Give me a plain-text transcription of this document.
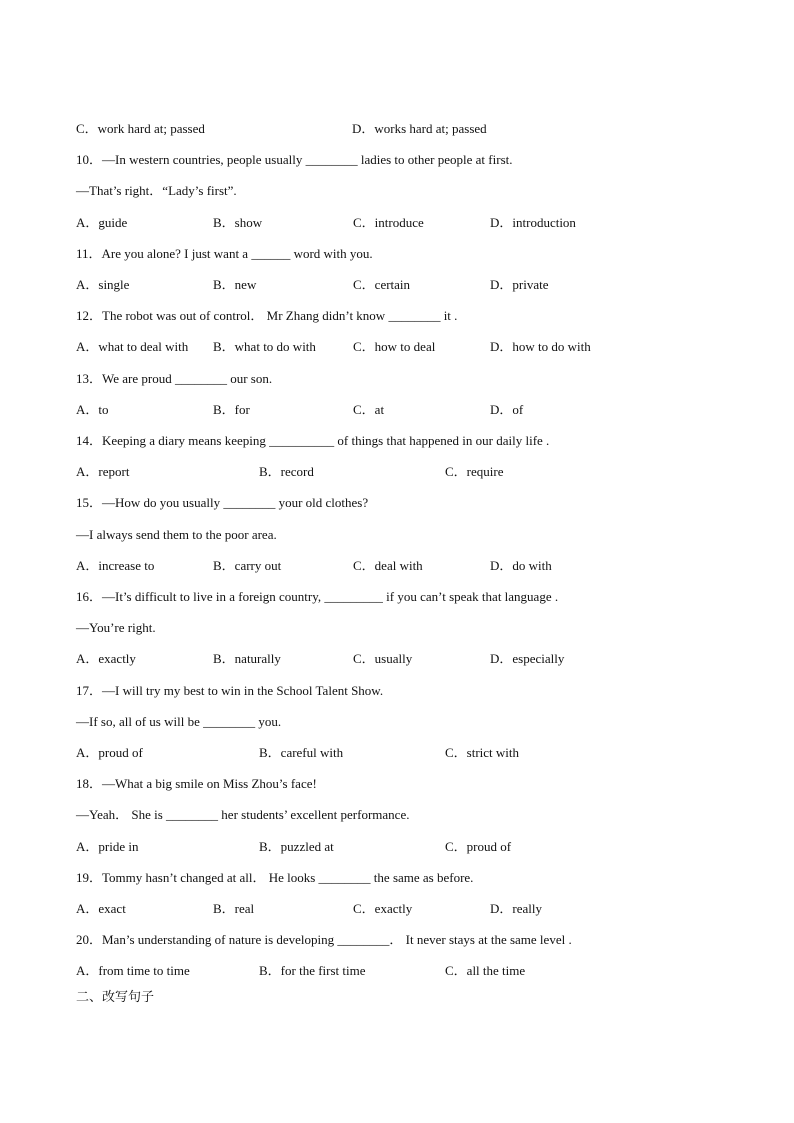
C．work hard at; passed	D．works hard at; passed
10．—In western countries, people usually ________ ladies to other people at first.
—That’s right．“Lady’s first”.
A．guide	B．show	C．introduce	D．introduction
11．Are you alone? I just want a ______ word with you.
A．single	B．new	C．certain	D．private
12．The robot was out of control． Mr Zhang didn’t know ________ it .
A．what to deal with B．what to do with	C．how to deal	D．how to do with
13．We are proud ________ our son.
A．to	B．for	C．at	D．of
14．Keeping a diary means keeping __________ of things that happened in our daily life .
A．report	B．record	C．require
15．—How do you usually ________ your old clothes?
—I always send them to the poor area.
A．increase to	B．carry out	C．deal with	D．do with
16．—It’s difficult to live in a foreign country, _________ if you can’t speak that language .
—You’re right.
A．exactly	B．naturally	C．usually	D．especially
17．—I will try my best to win in the School Talent Show.
—If so, all of us will be ________ you.
A．proud of	B．careful with	C．strict with
18．—What a big smile on Miss Zhou’s face!
—Yeah． She is ________ her students’ excellent performance.
A．pride in	B．puzzled at	C．proud of
19．Tommy hasn’t changed at all． He looks ________ the same as before.
A．exact	B．real	C．exactly	D．really
20．Man’s understanding of nature is developing ________． It never stays at the same level .
A．from time to time	B．for the first time	C．all the time
二、改写句子
